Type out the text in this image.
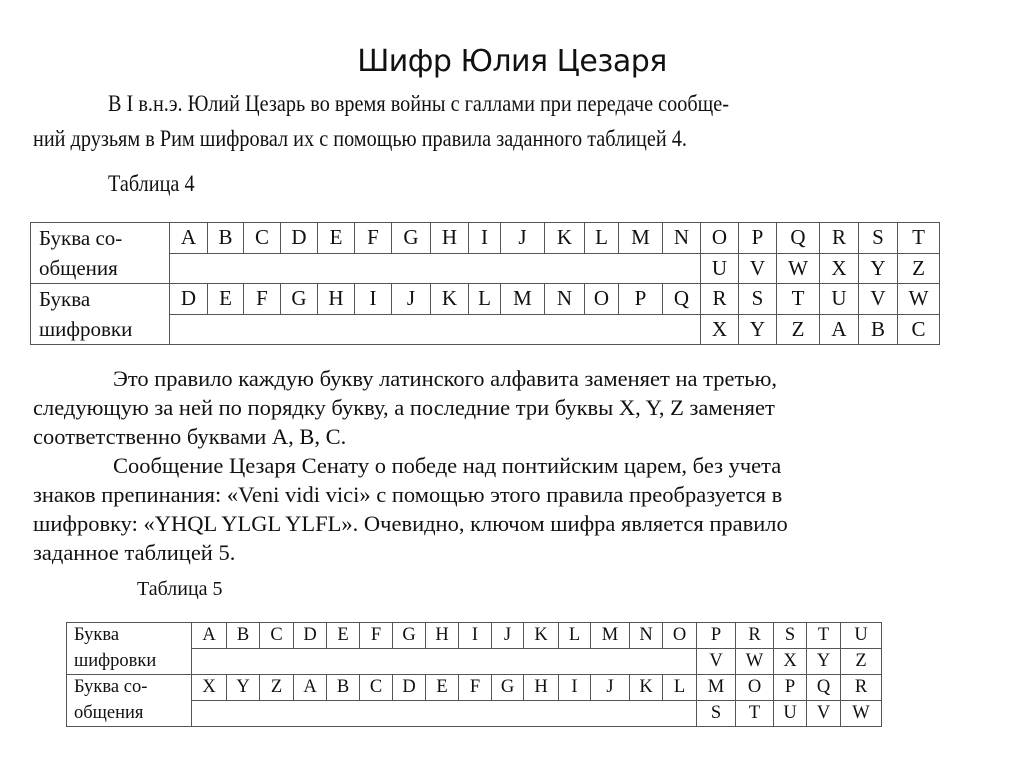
Шифр Юлия Цезаря
В I в.н.э. Юлий Цезарь во время войны с галлами при передаче сообще-
ний друзьям в Рим шифровал их с помощью правила заданного таблицей 4.
Таблица 4
Буква со-
общения	A	B	C	D	E	F	G	H	I	J	K	L	M	N	O	P	Q	R	S	T
															U	V	W	X	Y	Z

Буква
шифровки	D	E	F	G	H	I	J	K	L	M	N	O	P	Q	R	S	T	U	V	W
															X	Y	Z	A	B	C
Это правило каждую букву латинского алфавита заменяет на третью,
следующую за ней по порядку букву, а последние три буквы X, Y, Z заменяет
соответственно буквами A, B, C.
Сообщение Цезаря Сенату о победе над понтийским царем, без учета
знаков препинания: «Veni vidi vici» с помощью этого правила преобразуется в
шифровку: «YHQL YLGL YLFL». Очевидно, ключом шифра является правило
заданное таблицей 5.
Таблица 5
Буква
шифровки	A	B	C	D	E	F	G	H	I	J	K	L	M	N	O	P	R	S	T	U
																V	W	X	Y	Z

Буква со-
общения	X	Y	Z	A	B	C	D	E	F	G	H	I	J	K	L	M	O	P	Q	R
																S	T	U	V	W
